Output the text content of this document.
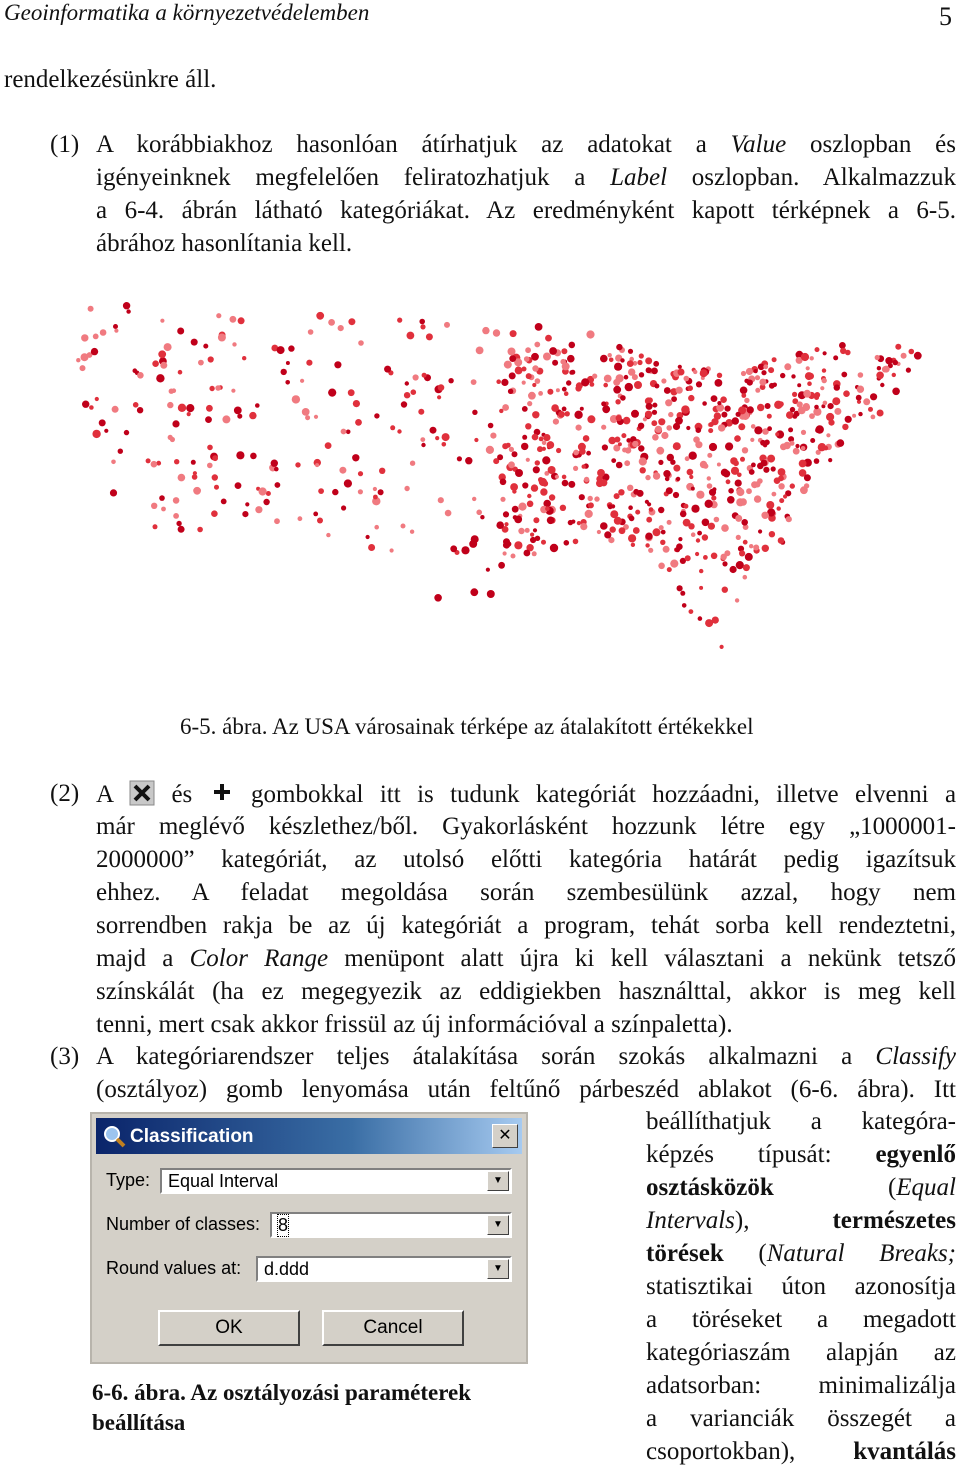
Geoinformatika a környezetvédelemben	5
rendelkezésünkre áll.
(1) A korábbiakhoz hasonlóan átírhatjuk az adatokat a Value oszlopban és
igényeinknek megfelelően feliratozhatjuk a Label oszlopban. Alkalmazzuk
a 6-4. ábrán látható kategóriákat. Az eredményként kapott térképnek a 6-5.
ábrához hasonlítania kell.
6-5. ábra. Az USA városainak térképe az átalakított értékekkel
(2) A és gombokkal itt is tudunk kategóriát hozzáadni, illetve elvenni a
már meglévő készlethez/ből. Gyakorlásként hozzunk létre egy „1000001-
2000000” kategóriát, az utolsó előtti kategória határát pedig igazítsuk
ehhez. A feladat megoldása során szembesülünk azzal, hogy nem
sorrendben rakja be az új kategóriát a program, tehát sorba kell rendeztetni,
majd a Color Range menüpont alatt újra ki kell választani a nekünk tetsző
színskálát (ha ez megegyezik az eddigiekben használttal, akkor is meg kell
tenni, mert csak akkor frissül az új információval a színpaletta).
(3) A kategóriarendszer teljes átalakítása során szokás alkalmazni a Classify
(osztályoz) gomb lenyomása után feltűnő párbeszéd ablakot (6-6. ábra). Itt
beállíthatjuk a kategóra-
képzés típusát: egyenlő
osztásközök	(Equal
Intervals),	természetes
törések (Natural Breaks;
statisztikai úton azonosítja
a töréseket a megadott
kategóriaszám alapján az
adatsorban: minimalizálja
a varianciák összegét a
csoportokban), kvantálás
Classification	✕
Type: Equal Interval	▼
Number of classes: 8	▼
Round values at: d.ddd	▼
OK	Cancel
6-6. ábra. Az osztályozási paraméterek beállítása
